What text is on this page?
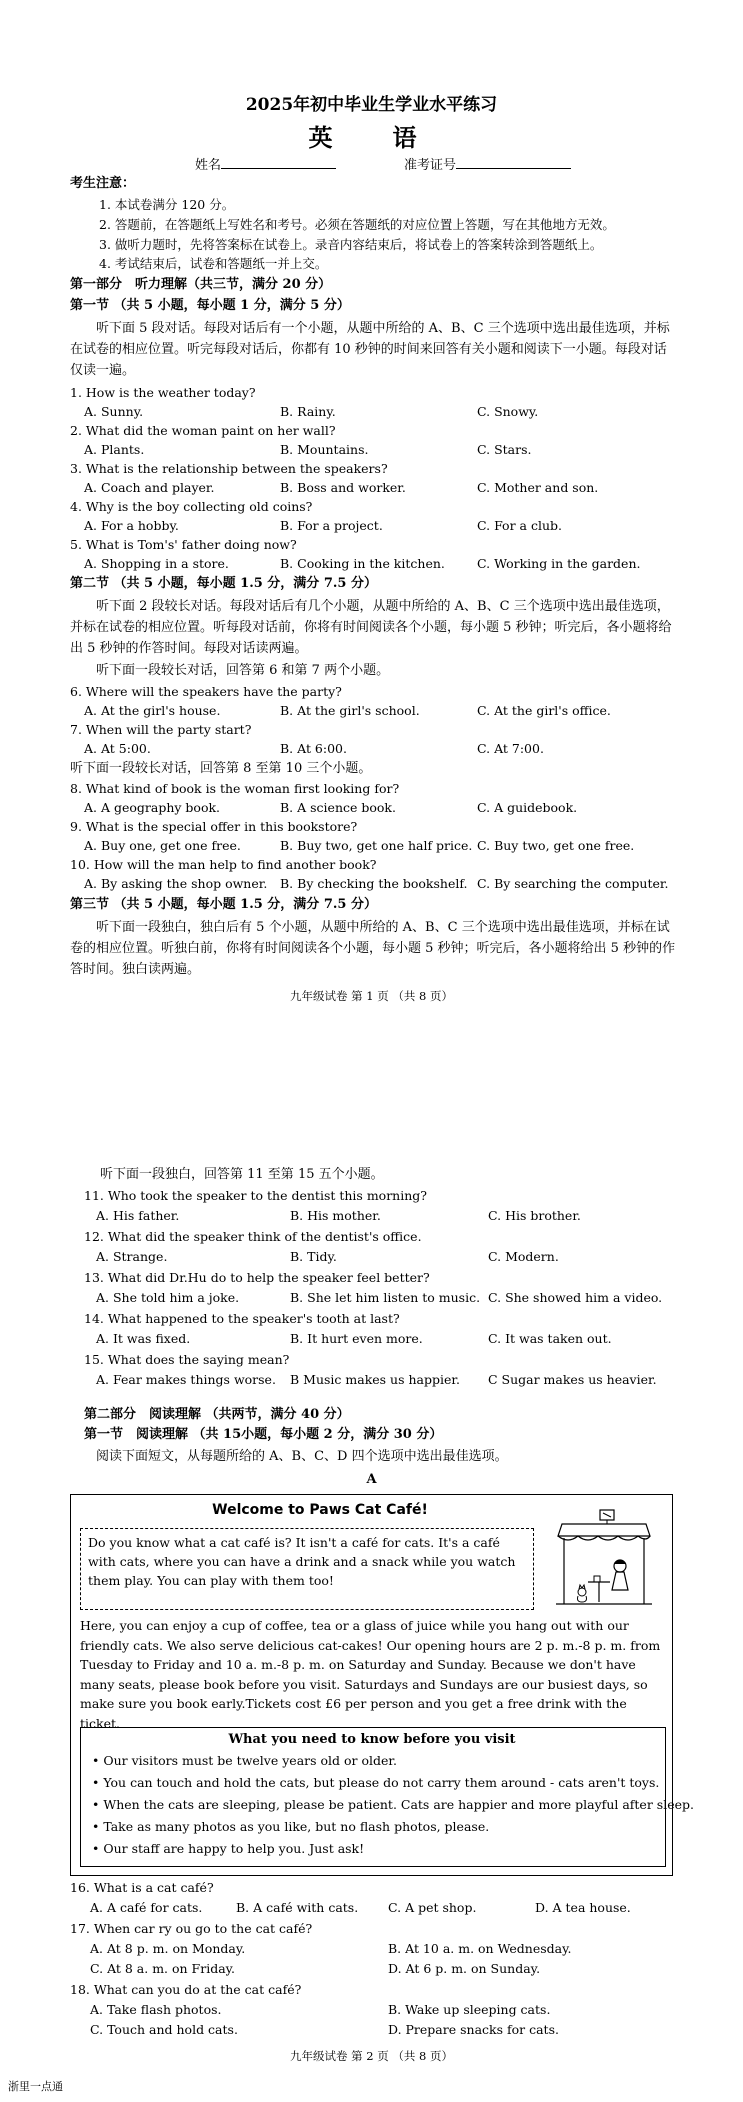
2025年初中毕业生学业水平练习
英　语
姓名	准考证号
考生注意：
1. 本试卷满分 120 分。
2. 答题前，在答题纸上写姓名和考号。必须在答题纸的对应位置上答题，写在其他地方无效。
3. 做听力题时，先将答案标在试卷上。录音内容结束后，将试卷上的答案转涂到答题纸上。
4. 考试结束后，试卷和答题纸一并上交。
第一部分　听力理解（共三节，满分 20 分）
第一节 （共 5 小题，每小题 1 分，满分 5 分）
听下面 5 段对话。每段对话后有一个小题，从题中所给的 A、B、C 三个选项中选出最佳选项，并标在试卷的相应位置。听完每段对话后，你都有 10 秒钟的时间来回答有关小题和阅读下一小题。每段对话仅读一遍。
1. How is the weather today?
A. Sunny.	B. Rainy.	C. Snowy.
2. What did the woman paint on her wall?
A. Plants.	B. Mountains.	C. Stars.
3. What is the relationship between the speakers?
A. Coach and player.	B. Boss and worker.	C. Mother and son.
4. Why is the boy collecting old coins?
A. For a hobby.	B. For a project.	C. For a club.
5. What is Tom's' father doing now?
A. Shopping in a store.	B. Cooking in the kitchen.	C. Working in the garden.
第二节 （共 5 小题，每小题 1.5 分，满分 7.5 分）
听下面 2 段较长对话。每段对话后有几个小题，从题中所给的 A、B、C 三个选项中选出最佳选项，并标在试卷的相应位置。听每段对话前，你将有时间阅读各个小题，每小题 5 秒钟；听完后，各小题将给出 5 秒钟的作答时间。每段对话读两遍。
听下面一段较长对话，回答第 6 和第 7 两个小题。
6. Where will the speakers have the party?
A. At the girl's house.	B. At the girl's school.	C. At the girl's office.
7. When will the party start?
A. At 5:00.	B. At 6:00.	C. At 7:00.
听下面一段较长对话，回答第 8 至第 10 三个小题。
8. What kind of book is the woman first looking for?
A. A geography book.	B. A science book.	C. A guidebook.
9. What is the special offer in this bookstore?
A. Buy one, get one free.	B. Buy two, get one half price. C. Buy two, get one free.
10. How will the man help to find another book?
A. By asking the shop owner. B. By checking the bookshelf. C. By searching the computer.
第三节 （共 5 小题，每小题 1.5 分，满分 7.5 分）
听下面一段独白，独白后有 5 个小题，从题中所给的 A、B、C 三个选项中选出最佳选项，并标在试卷的相应位置。听独白前，你将有时间阅读各个小题，每小题 5 秒钟；听完后，各小题将给出 5 秒钟的作答时间。独白读两遍。
九年级试卷 第 1 页 （共 8 页）
听下面一段独白，回答第 11 至第 15 五个小题。
11. Who took the speaker to the dentist this morning?
A. His father.	B. His mother.	C. His brother.
12. What did the speaker think of the dentist's office.
A. Strange.	B. Tidy.	C. Modern.
13. What did Dr.Hu do to help the speaker feel better?
A. She told him a joke.	B. She let him listen to music. C. She showed him a video.
14. What happened to the speaker's tooth at last?
A. It was fixed.	B. It hurt even more.	C. It was taken out.
15. What does the saying mean?
A. Fear makes things worse. B Music makes us happier. C Sugar makes us heavier.
第二部分　阅读理解 （共两节，满分 40 分）
第一节　阅读理解 （共 15小题，每小题 2 分，满分 30 分）
阅读下面短文，从每题所给的 A、B、C、D 四个选项中选出最佳选项。
A
Welcome to Paws Cat Café!
Do you know what a cat café is? It isn't a café for cats. It's a café with cats, where you can have a drink and a snack while you watch them play. You can play with them too!
Here, you can enjoy a cup of coffee, tea or a glass of juice while you hang out with our friendly cats. We also serve delicious cat-cakes! Our opening hours are 2 p. m.-8 p. m. from Tuesday to Friday and 10 a. m.-8 p. m. on Saturday and Sunday. Because we don't have many seats, please book before you visit. Saturdays and Sundays are our busiest days, so make sure you book early.Tickets cost £6 per person and you get a free drink with the ticket.
What you need to know before you visit
• Our visitors must be twelve years old or older.
• You can touch and hold the cats, but please do not carry them around - cats aren't toys.
• When the cats are sleeping, please be patient. Cats are happier and more playful after sleep.
• Take as many photos as you like, but no flash photos, please.
• Our staff are happy to help you. Just ask!
16. What is a cat café?
A. A café for cats.	B. A café with cats. C. A pet shop.	D. A tea house.
17. When car ry ou go to the cat café?
A. At 8 p. m. on Monday.	B. At 10 a. m. on Wednesday.
C. At 8 a. m. on Friday.	D. At 6 p. m. on Sunday.
18. What can you do at the cat café?
A. Take flash photos.	B. Wake up sleeping cats.
C. Touch and hold cats.	D. Prepare snacks for cats.
九年级试卷 第 2 页 （共 8 页）
浙里一点通
